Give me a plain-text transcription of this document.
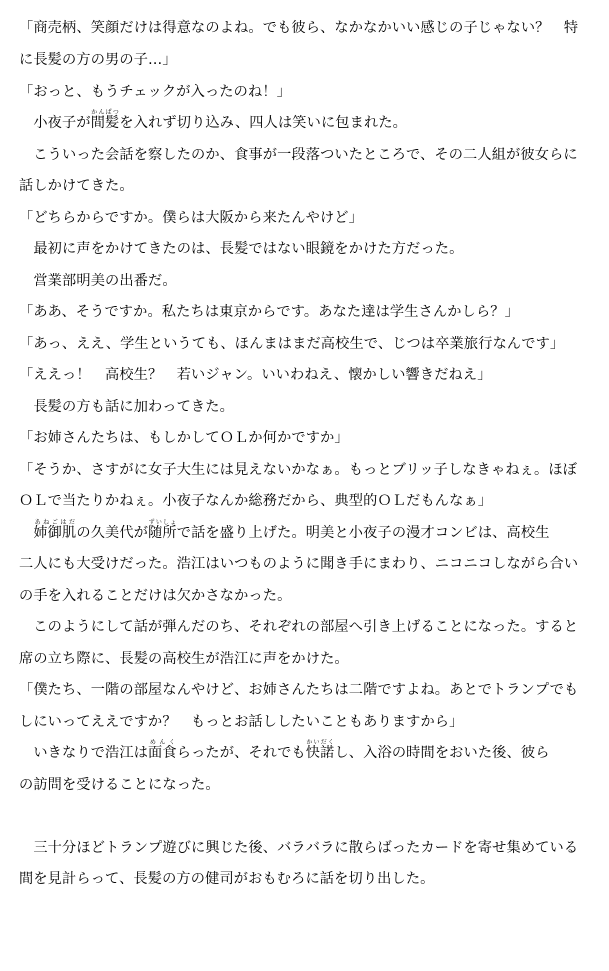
「商売柄、笑顔だけは得意なのよね。でも彼ら、なかなかいい感じの子じゃない？　特
に長髪の方の男の子…」
「おっと、もうチェックが入ったのね！」
　小夜子が間髪かんぱつを入れず切り込み、四人は笑いに包まれた。
　こういった会話を察したのか、食事が一段落ついたところで、その二人組が彼女らに
話しかけてきた。
「どちらからですか。僕らは大阪から来たんやけど」
　最初に声をかけてきたのは、長髪ではない眼鏡をかけた方だった。
　営業部明美の出番だ。
「ああ、そうですか。私たちは東京からです。あなた達は学生さんかしら？」
「あっ、ええ、学生というても、ほんまはまだ高校生で、じつは卒業旅行なんです」
「ええっ！　高校生？　若いジャン。いいわねえ、懐かしい響きだねえ」
　長髪の方も話に加わってきた。
「お姉さんたちは、もしかしてＯＬか何かですか」
「そうか、さすがに女子大生には見えないかなぁ。もっとブリッ子しなきゃねぇ。ほぼ
ＯＬで当たりかねぇ。小夜子なんか総務だから、典型的ＯＬだもんなぁ」
　姉御肌あねごはだの久美代が随所ずいしょで話を盛り上げた。明美と小夜子の漫才コンビは、高校生
二人にも大受けだった。浩江はいつものように聞き手にまわり、ニコニコしながら合い
の手を入れることだけは欠かさなかった。
　このようにして話が弾んだのち、それぞれの部屋へ引き上げることになった。すると
席の立ち際に、長髪の高校生が浩江に声をかけた。
「僕たち、一階の部屋なんやけど、お姉さんたちは二階ですよね。あとでトランプでも
しにいってええですか？　もっとお話ししたいこともありますから」
　いきなりで浩江は面食めんくらったが、それでも快諾かいだくし、入浴の時間をおいた後、彼ら
の訪問を受けることになった。
　三十分ほどトランプ遊びに興じた後、バラバラに散らばったカードを寄せ集めている
間を見計らって、長髪の方の健司がおもむろに話を切り出した。
